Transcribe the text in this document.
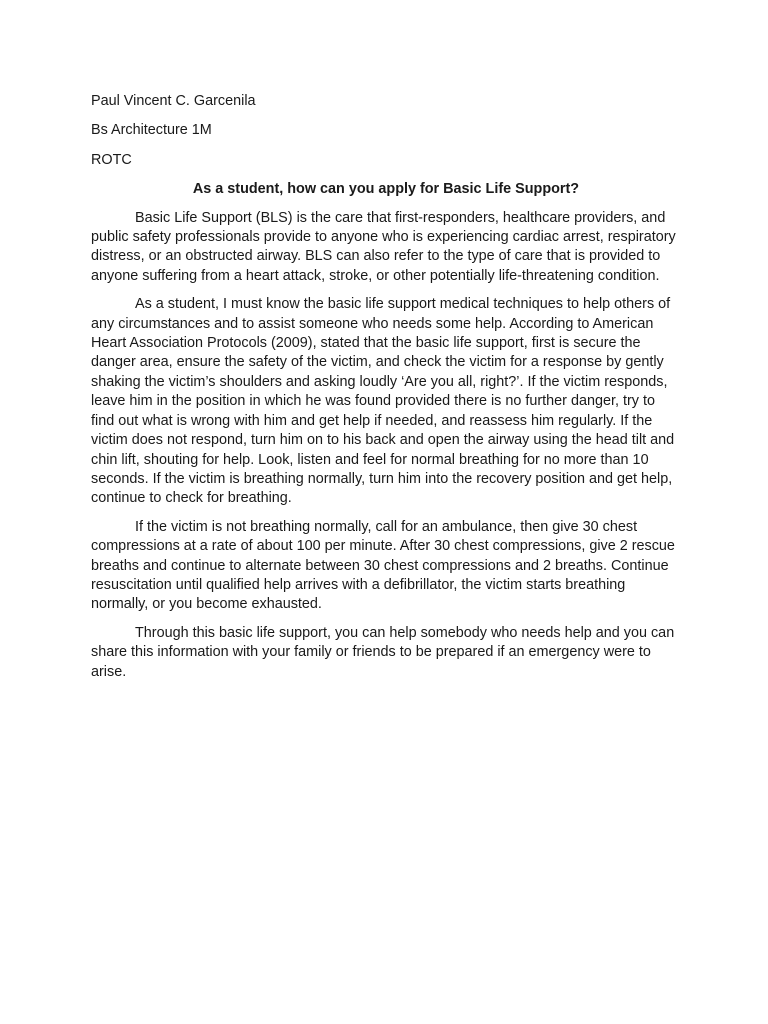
Paul Vincent C. Garcenila

Bs Architecture 1M

ROTC

As a student, how can you apply for Basic Life Support?

Basic Life Support (BLS) is the care that first-responders, healthcare providers, and public safety professionals provide to anyone who is experiencing cardiac arrest, respiratory distress, or an obstructed airway. BLS can also refer to the type of care that is provided to anyone suffering from a heart attack, stroke, or other potentially life-threatening condition.

As a student, I must know the basic life support medical techniques to help others of any circumstances and to assist someone who needs some help. According to American Heart Association Protocols (2009), stated that the basic life support, first is secure the danger area, ensure the safety of the victim, and check the victim for a response by gently shaking the victim’s shoulders and asking loudly ‘Are you all, right?’. If the victim responds, leave him in the position in which he was found provided there is no further danger, try to find out what is wrong with him and get help if needed, and reassess him regularly. If the victim does not respond, turn him on to his back and open the airway using the head tilt and chin lift, shouting for help. Look, listen and feel for normal breathing for no more than 10 seconds. If the victim is breathing normally, turn him into the recovery position and get help, continue to check for breathing.

If the victim is not breathing normally, call for an ambulance, then give 30 chest compressions at a rate of about 100 per minute. After 30 chest compressions, give 2 rescue breaths and continue to alternate between 30 chest compressions and 2 breaths. Continue resuscitation until qualified help arrives with a defibrillator, the victim starts breathing normally, or you become exhausted.

Through this basic life support, you can help somebody who needs help and you can share this information with your family or friends to be prepared if an emergency were to arise.
